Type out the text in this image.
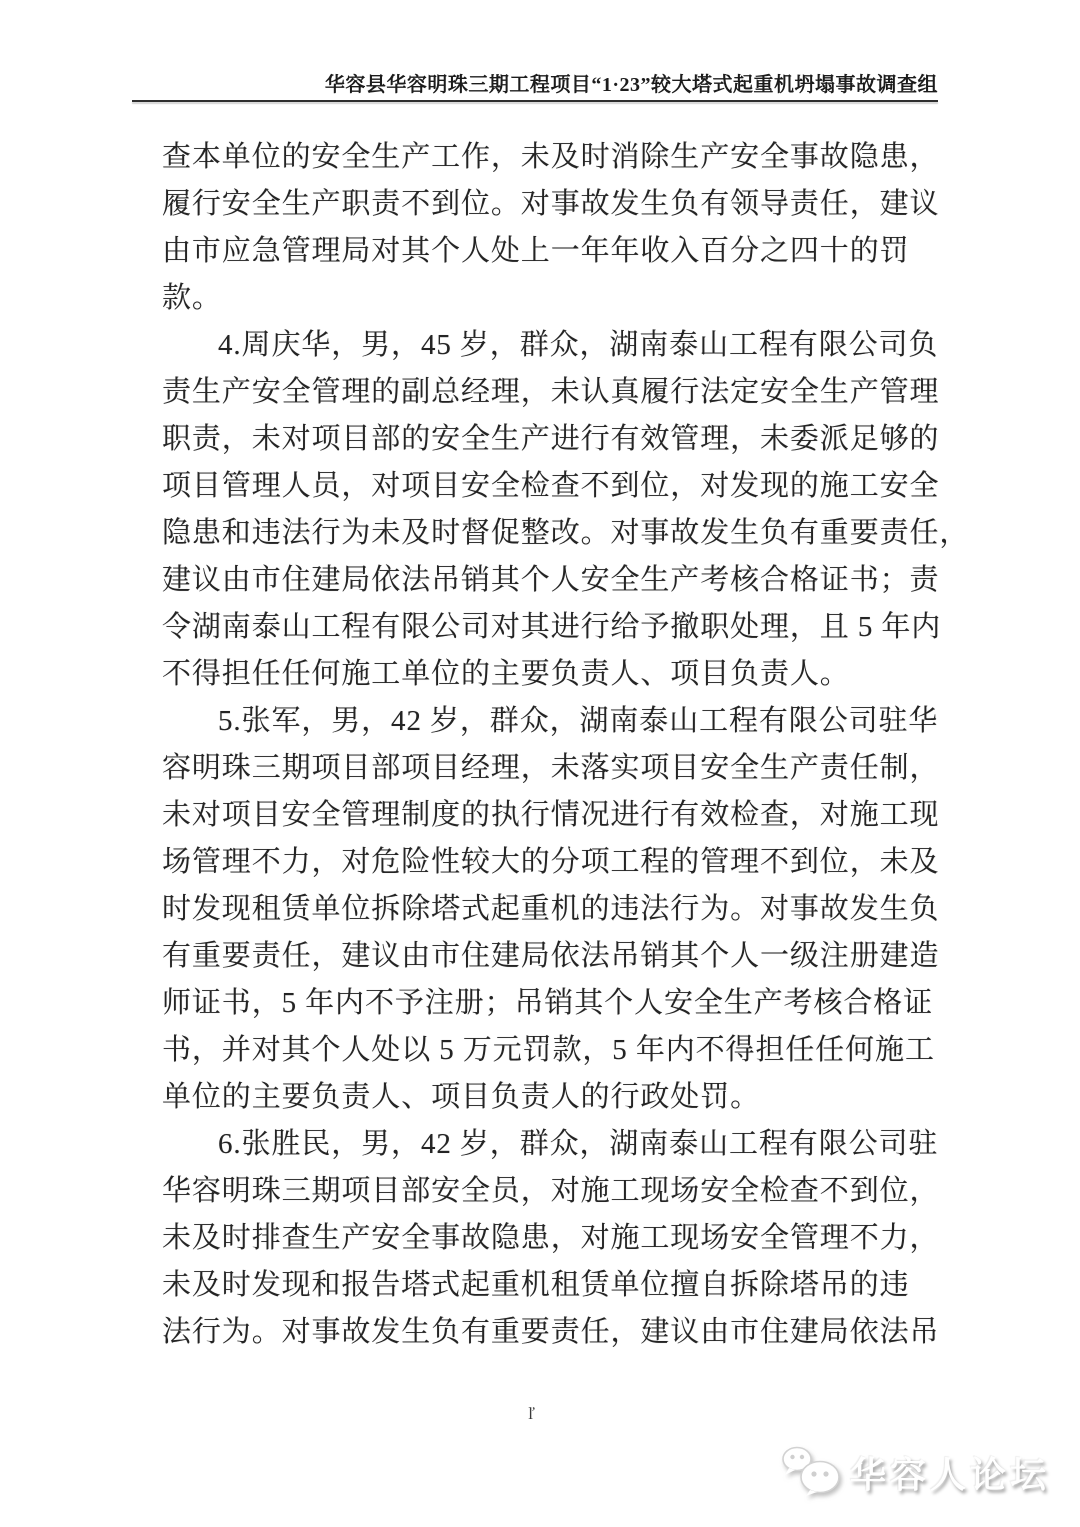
华容县华容明珠三期工程项目“1·23”较大塔式起重机坍塌事故调查组
查本单位的安全生产工作，未及时消除生产安全事故隐患，
履行安全生产职责不到位。对事故发生负有领导责任，建议
由市应急管理局对其个人处上一年年收入百分之四十的罚
款。
4.周庆华，男，45 岁，群众，湖南泰山工程有限公司负
责生产安全管理的副总经理，未认真履行法定安全生产管理
职责，未对项目部的安全生产进行有效管理，未委派足够的
项目管理人员，对项目安全检查不到位，对发现的施工安全
隐患和违法行为未及时督促整改。对事故发生负有重要责任，
建议由市住建局依法吊销其个人安全生产考核合格证书；责
令湖南泰山工程有限公司对其进行给予撤职处理，且 5 年内
不得担任任何施工单位的主要负责人、项目负责人。
5.张军，男，42 岁，群众，湖南泰山工程有限公司驻华
容明珠三期项目部项目经理，未落实项目安全生产责任制，
未对项目安全管理制度的执行情况进行有效检查，对施工现
场管理不力，对危险性较大的分项工程的管理不到位，未及
时发现租赁单位拆除塔式起重机的违法行为。对事故发生负
有重要责任，建议由市住建局依法吊销其个人一级注册建造
师证书，5 年内不予注册；吊销其个人安全生产考核合格证
书，并对其个人处以 5 万元罚款，5 年内不得担任任何施工
单位的主要负责人、项目负责人的行政处罚。
6.张胜民，男，42 岁，群众，湖南泰山工程有限公司驻
华容明珠三期项目部安全员，对施工现场安全检查不到位，
未及时排查生产安全事故隐患，对施工现场安全管理不力，
未及时发现和报告塔式起重机租赁单位擅自拆除塔吊的违
法行为。对事故发生负有重要责任，建议由市住建局依法吊
ľ
华容人论坛
